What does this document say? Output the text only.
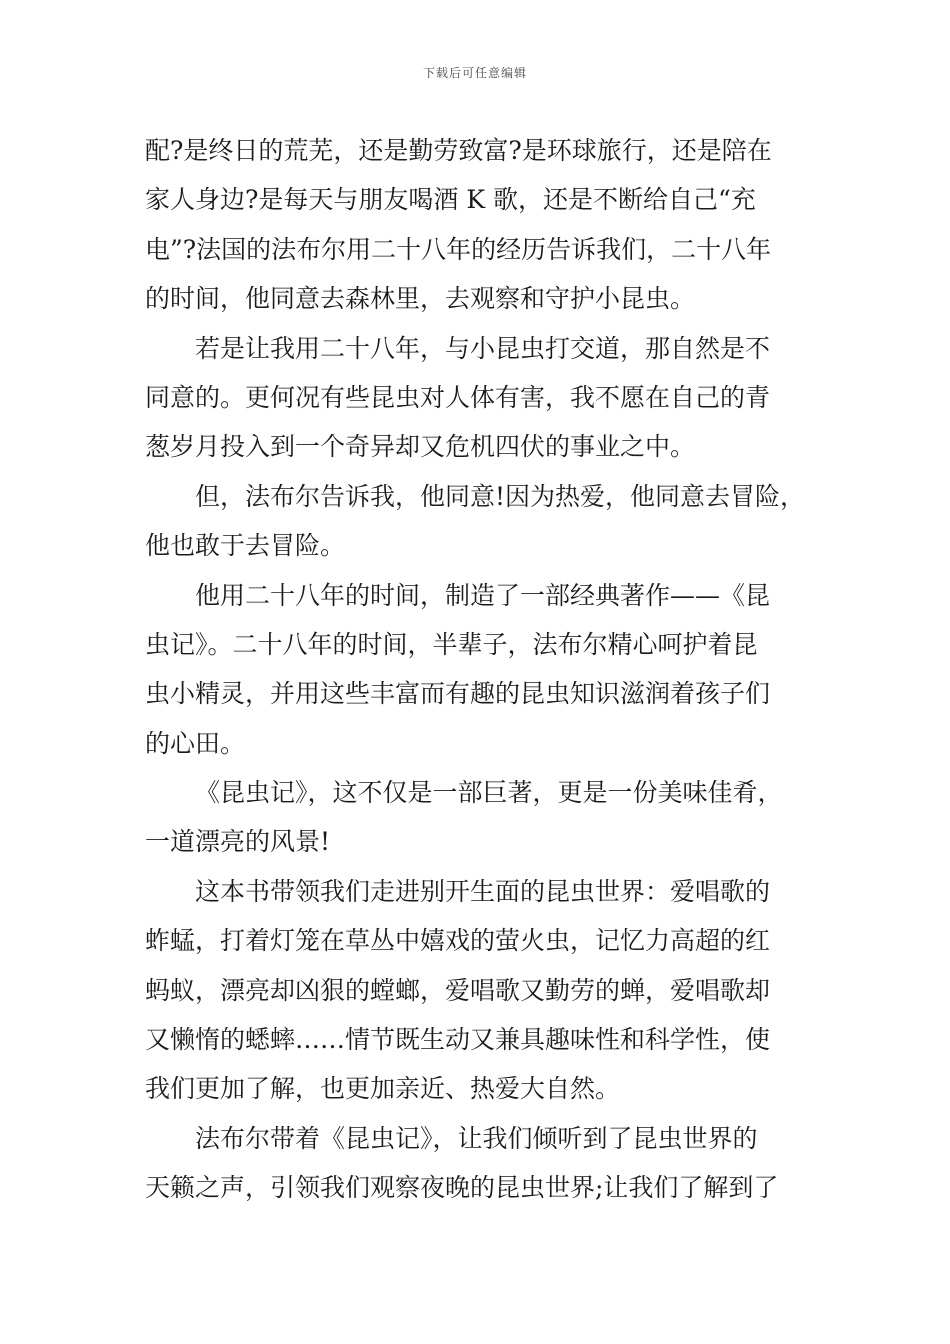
下载后可任意编辑
配?是终日的荒芜，还是勤劳致富?是环球旅行，还是陪在
家人身边?是每天与朋友喝酒 K 歌，还是不断给自己“充
电”?法国的法布尔用二十八年的经历告诉我们，二十八年
的时间，他同意去森林里，去观察和守护小昆虫。
若是让我用二十八年，与小昆虫打交道，那自然是不
同意的。更何况有些昆虫对人体有害，我不愿在自己的青
葱岁月投入到一个奇异却又危机四伏的事业之中。
但，法布尔告诉我，他同意!因为热爱，他同意去冒险，
他也敢于去冒险。
他用二十八年的时间，制造了一部经典著作——《昆
虫记》。二十八年的时间，半辈子，法布尔精心呵护着昆
虫小精灵，并用这些丰富而有趣的昆虫知识滋润着孩子们
的心田。
《昆虫记》，这不仅是一部巨著，更是一份美味佳肴，
一道漂亮的风景!
这本书带领我们走进别开生面的昆虫世界：爱唱歌的
蚱蜢，打着灯笼在草丛中嬉戏的萤火虫，记忆力高超的红
蚂蚁，漂亮却凶狠的螳螂，爱唱歌又勤劳的蝉，爱唱歌却
又懒惰的蟋蟀……情节既生动又兼具趣味性和科学性，使
我们更加了解，也更加亲近、热爱大自然。
法布尔带着《昆虫记》，让我们倾听到了昆虫世界的
天籁之声，引领我们观察夜晚的昆虫世界;让我们了解到了
